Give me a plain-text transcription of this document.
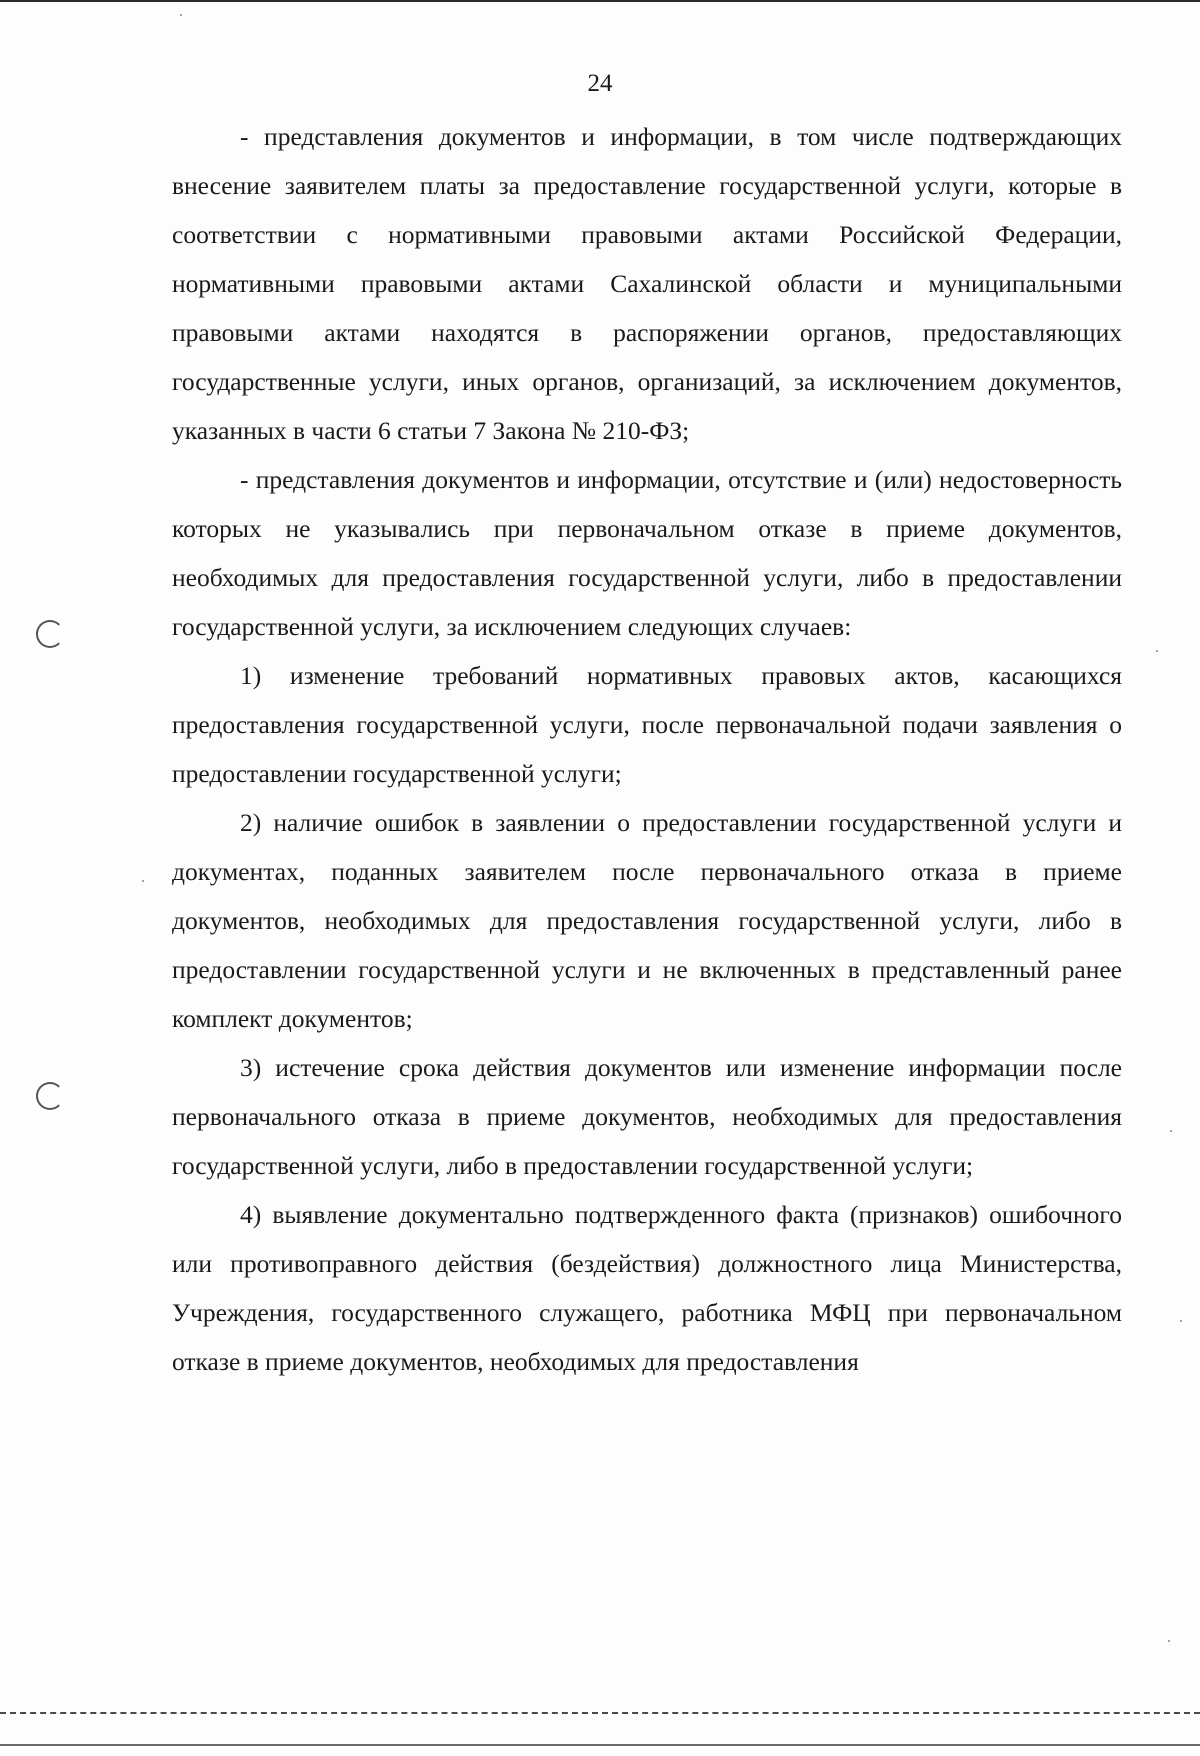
24

- представления документов и информации, в том числе подтверждающих внесение заявителем платы за предоставление государственной услуги, которые в соответствии с нормативными правовыми актами Российской Федерации, нормативными правовыми актами Сахалинской области и муниципальными правовыми актами находятся в распоряжении органов, предоставляющих государственные услуги, иных органов, организаций, за исключением документов, указанных в части 6 статьи 7 Закона № 210-ФЗ;

- представления документов и информации, отсутствие и (или) недостоверность которых не указывались при первоначальном отказе в приеме документов, необходимых для предоставления государственной услуги, либо в предоставлении государственной услуги, за исключением следующих случаев:

1) изменение требований нормативных правовых актов, касающихся предоставления государственной услуги, после первоначальной подачи заявления о предоставлении государственной услуги;

2) наличие ошибок в заявлении о предоставлении государственной услуги и документах, поданных заявителем после первоначального отказа в приеме документов, необходимых для предоставления государственной услуги, либо в предоставлении государственной услуги и не включенных в представленный ранее комплект документов;

3) истечение срока действия документов или изменение информации после первоначального отказа в приеме документов, необходимых для предоставления государственной услуги, либо в предоставлении государственной услуги;

4) выявление документально подтвержденного факта (признаков) ошибочного или противоправного действия (бездействия) должностного лица Министерства, Учреждения, государственного служащего, работника МФЦ при первоначальном отказе в приеме документов, необходимых для предоставления
